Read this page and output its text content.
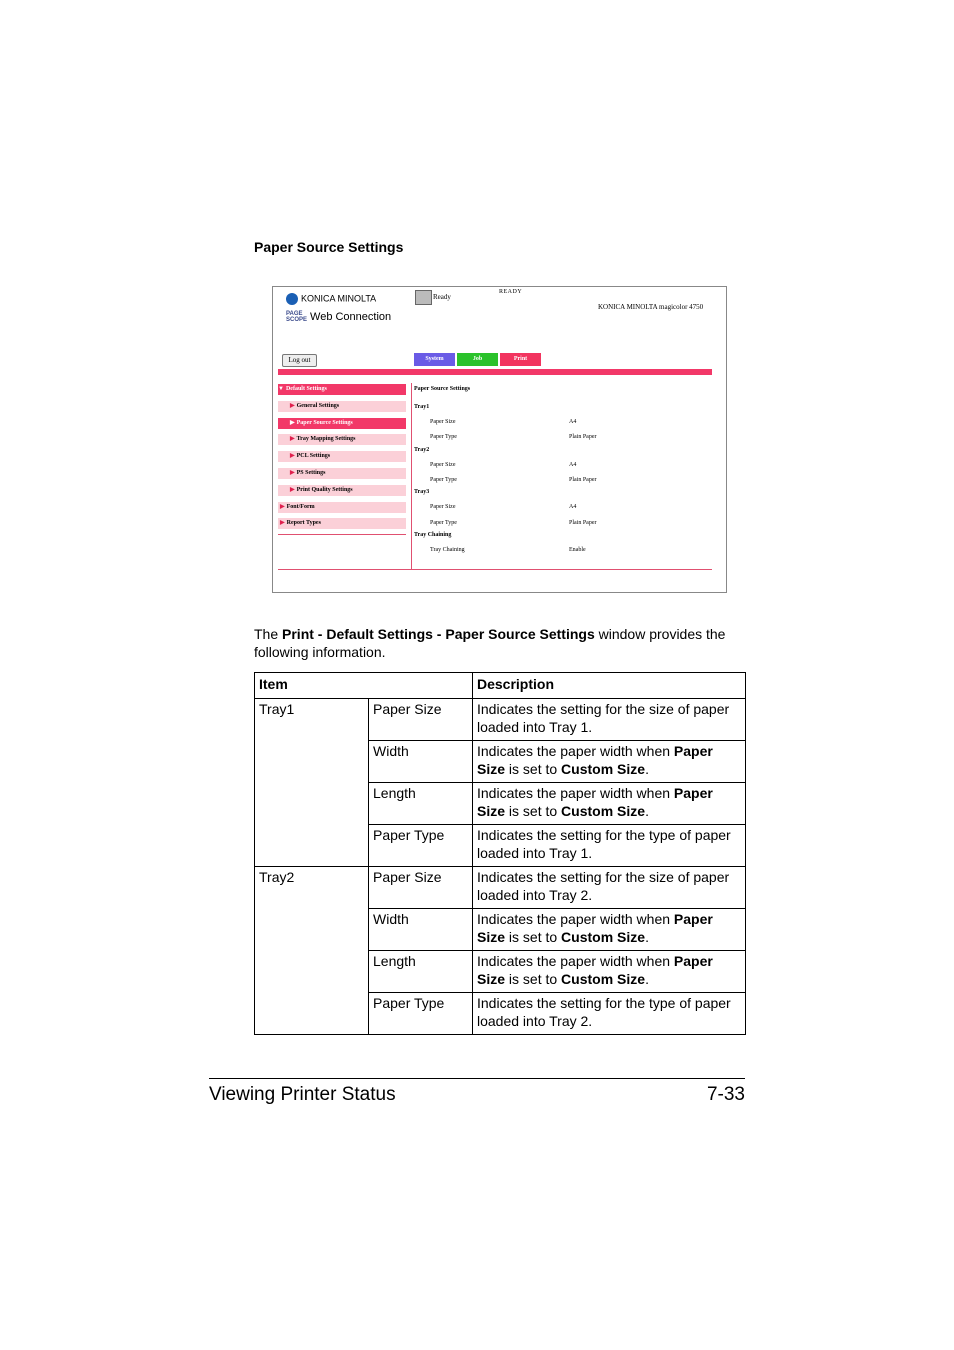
Paper Source Settings
KONICA MINOLTA
PAGE
SCOPE Web Connection
Ready
READY
KONICA MINOLTA magicolor 4750
Log out	System	Job	Print
▼ Default Settings
▶ General Settings
▶ Paper Source Settings
▶ Tray Mapping Settings
▶ PCL Settings
▶ PS Settings
▶ Print Quality Settings
▶ Font/Form
▶ Report Types
Paper Source Settings
Tray1
Paper Size	A4
Paper Type	Plain Paper
Tray2
Paper Size	A4
Paper Type	Plain Paper
Tray3
Paper Size	A4
Paper Type	Plain Paper
Tray Chaining
Tray Chaining	Enable
The Print - Default Settings - Paper Source Settings window provides the following information.
Item		Description
Tray1	Paper Size	Indicates the setting for the size of paper loaded into Tray 1.
	Width	Indicates the paper width when Paper Size is set to Custom Size.
	Length	Indicates the paper width when Paper Size is set to Custom Size.
	Paper Type	Indicates the setting for the type of paper loaded into Tray 1.
Tray2	Paper Size	Indicates the setting for the size of paper loaded into Tray 2.
	Width	Indicates the paper width when Paper Size is set to Custom Size.
	Length	Indicates the paper width when Paper Size is set to Custom Size.
	Paper Type	Indicates the setting for the type of paper loaded into Tray 2.
Viewing Printer Status	7-33
